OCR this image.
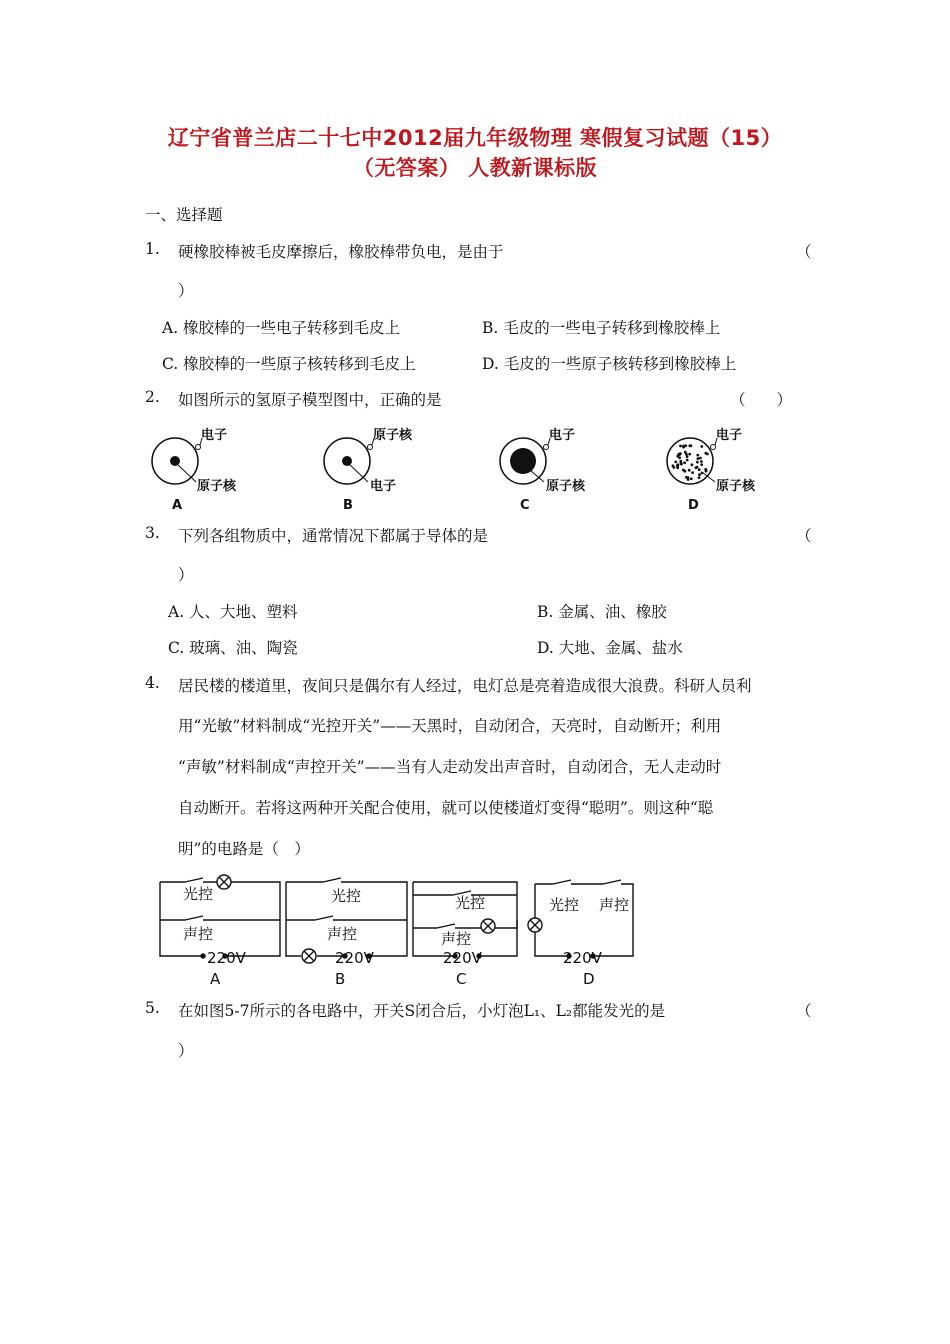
辽宁省普兰店二十七中2012届九年级物理 寒假复习试题（15）
（无答案） 人教新课标版
一、选择题
1. 硬橡胶棒被毛皮摩擦后，橡胶棒带负电，是由于	（
）
A. 橡胶棒的一些电子转移到毛皮上	B. 毛皮的一些电子转移到橡胶棒上
C. 橡胶棒的一些原子核转移到毛皮上	D. 毛皮的一些原子核转移到橡胶棒上
2. 如图所示的氢原子模型图中，正确的是	（　　）
电子
原子核
A
原子核
电子
B
电子
原子核
C
电子
原子核
D
3. 下列各组物质中，通常情况下都属于导体的是	（
）
A. 人、大地、塑料	B. 金属、油、橡胶
C. 玻璃、油、陶瓷	D. 大地、金属、盐水
4. 居民楼的楼道里，夜间只是偶尔有人经过，电灯总是亮着造成很大浪费。科研人员利
用“光敏”材料制成“光控开关”——天黑时，自动闭合，天亮时，自动断开；利用
“声敏”材料制成“声控开关”——当有人走动发出声音时，自动闭合，无人走动时
自动断开。若将这两种开关配合使用，就可以使楼道灯变得“聪明”。则这种“聪
明”的电路是（　）
光控
声控
220V
A
光控
声控
220V
B
光控
声控
220V
C
光控 声控
220V
D
5. 在如图5-7所示的各电路中，开关S闭合后，小灯泡L₁、L₂都能发光的是	（
）
